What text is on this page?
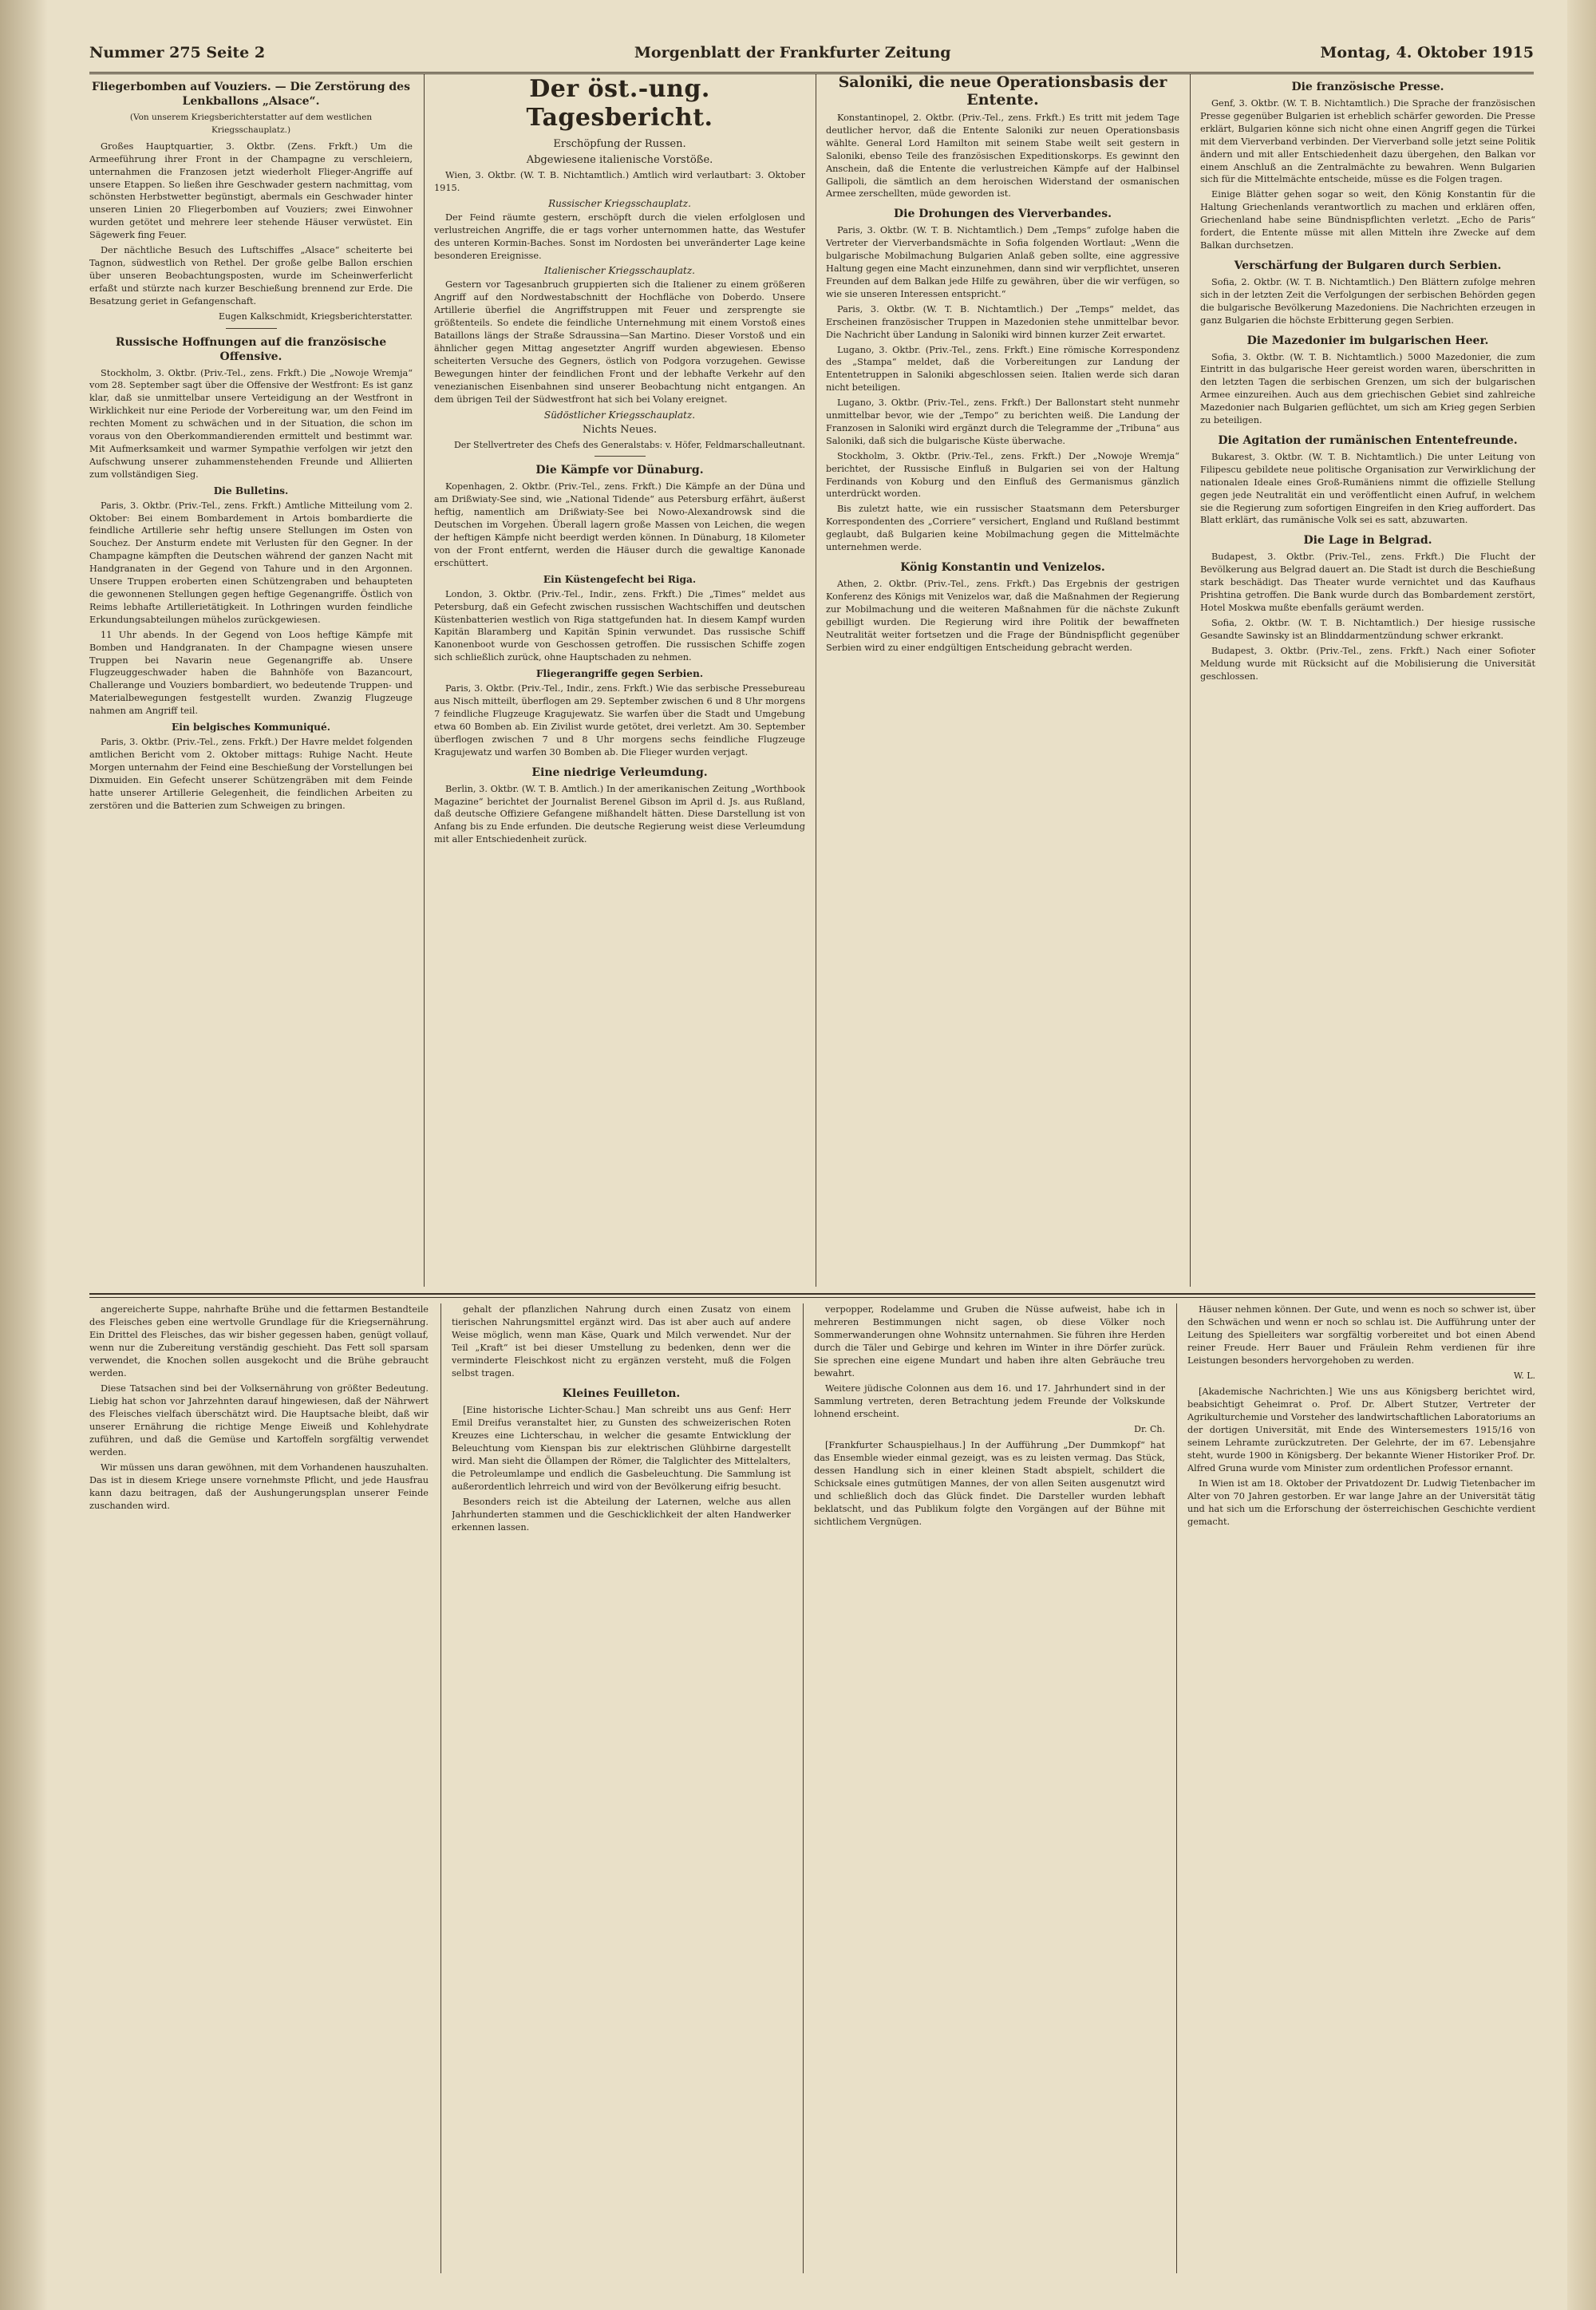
Nummer 275 Seite 2	Morgenblatt der Frankfurter Zeitung	Montag, 4. Oktober 1915
Fliegerbomben auf Vouziers. — Die Zerstörung des Lenkballons „Alsace“.
(Von unserem Kriegsberichterstatter auf dem westlichen Kriegsschauplatz.)

Großes Hauptquartier, 3. Oktbr. (Zens. Frkft.) Um die Armeeführung ihrer Front in der Champagne zu verschleiern, unternahmen die Franzosen jetzt wiederholt Flieger-Angriffe auf unsere Etappen. So ließen ihre Geschwader gestern nachmittag, vom schönsten Herbstwetter begünstigt, abermals ein Geschwader hinter unseren Linien 20 Fliegerbomben auf Vouziers; zwei Einwohner wurden getötet und mehrere leer stehende Häuser verwüstet. Ein Sägewerk fing Feuer.

Der nächtliche Besuch des Luftschiffes „Alsace“ scheiterte bei Tagnon, südwestlich von Rethel. Der große gelbe Ballon erschien über unseren Beobachtungsposten, wurde im Scheinwerferlicht erfaßt und stürzte nach kurzer Beschießung brennend zur Erde. Die Besatzung geriet in Gefangenschaft.

Eugen Kalkschmidt, Kriegsberichterstatter.
Russische Hoffnungen auf die französische Offensive.

Stockholm, 3. Oktbr. (Priv.-Tel., zens. Frkft.) Die „Nowoje Wremja“ vom 28. September sagt über die Offensive der Westfront: Es ist ganz klar, daß sie unmittelbar unsere Verteidigung an der Westfront in Wirklichkeit nur eine Periode der Vorbereitung war, um den Feind im rechten Moment zu schwächen und in der Situation, die schon im voraus von den Oberkommandierenden ermittelt und bestimmt war. Mit Aufmerksamkeit und warmer Sympathie verfolgen wir jetzt den Aufschwung unserer zuhammenstehenden Freunde und Alliierten zum vollständigen Sieg.

Die Bulletins.

Paris, 3. Oktbr. (Priv.-Tel., zens. Frkft.) Amtliche Mitteilung vom 2. Oktober: Bei einem Bombardement in Artois bombardierte die feindliche Artillerie sehr heftig unsere Stellungen im Osten von Souchez. Der Ansturm endete mit Verlusten für den Gegner. In der Champagne kämpften die Deutschen während der ganzen Nacht mit Handgranaten in der Gegend von Tahure und in den Argonnen. Unsere Truppen eroberten einen Schützengraben und behaupteten die gewonnenen Stellungen gegen heftige Gegenangriffe. Östlich von Reims lebhafte Artillerietätigkeit. In Lothringen wurden feindliche Erkundungsabteilungen mühelos zurückgewiesen.

11 Uhr abends. In der Gegend von Loos heftige Kämpfe mit Bomben und Handgranaten. In der Champagne wiesen unsere Truppen bei Navarin neue Gegenangriffe ab. Unsere Flugzeuggeschwader haben die Bahnhöfe von Bazancourt, Challerange und Vouziers bombardiert, wo bedeutende Truppen- und Materialbewegungen festgestellt wurden. Zwanzig Flugzeuge nahmen am Angriff teil.

Ein belgisches Kommuniqué.

Paris, 3. Oktbr. (Priv.-Tel., zens. Frkft.) Der Havre meldet folgenden amtlichen Bericht vom 2. Oktober mittags: Ruhige Nacht. Heute Morgen unternahm der Feind eine Beschießung der Vorstellungen bei Dixmuiden. Ein Gefecht unserer Schützengräben mit dem Feinde hatte unserer Artillerie Gelegenheit, die feindlichen Arbeiten zu zerstören und die Batterien zum Schweigen zu bringen.

Der öst.-ung. Tagesbericht.
Erschöpfung der Russen.
Abgewiesene italienische Vorstöße.

Wien, 3. Oktbr. (W. T. B. Nichtamtlich.) Amtlich wird verlautbart: 3. Oktober 1915.

Russischer Kriegsschauplatz.

Der Feind räumte gestern, erschöpft durch die vielen erfolglosen und verlustreichen Angriffe, die er tags vorher unternommen hatte, das Westufer des unteren Kormin-Baches. Sonst im Nordosten bei unveränderter Lage keine besonderen Ereignisse.

Italienischer Kriegsschauplatz.

Gestern vor Tagesanbruch gruppierten sich die Italiener zu einem größeren Angriff auf den Nordwestabschnitt der Hochfläche von Doberdo. Unsere Artillerie überfiel die Angriffstruppen mit Feuer und zersprengte sie größtenteils. So endete die feindliche Unternehmung mit einem Vorstoß eines Bataillons längs der Straße Sdraussina—San Martino. Dieser Vorstoß und ein ähnlicher gegen Mittag angesetzter Angriff wurden abgewiesen. Ebenso scheiterten Versuche des Gegners, östlich von Podgora vorzugehen. Gewisse Bewegungen hinter der feindlichen Front und der lebhafte Verkehr auf den venezianischen Eisenbahnen sind unserer Beobachtung nicht entgangen. An dem übrigen Teil der Südwestfront hat sich bei Volany ereignet.

Südöstlicher Kriegsschauplatz.
Nichts Neues.
Der Stellvertreter des Chefs des Generalstabs: v. Höfer, Feldmarschalleutnant.
Die Kämpfe vor Dünaburg.

Kopenhagen, 2. Oktbr. (Priv.-Tel., zens. Frkft.) Die Kämpfe an der Düna und am Drißwiaty-See sind, wie „National Tidende“ aus Petersburg erfährt, äußerst heftig, namentlich am Drißwiaty-See bei Nowo-Alexandrowsk sind die Deutschen im Vorgehen. Überall lagern große Massen von Leichen, die wegen der heftigen Kämpfe nicht beerdigt werden können. In Dünaburg, 18 Kilometer von der Front entfernt, werden die Häuser durch die gewaltige Kanonade erschüttert.

Ein Küstengefecht bei Riga.

London, 3. Oktbr. (Priv.-Tel., Indir., zens. Frkft.) Die „Times“ meldet aus Petersburg, daß ein Gefecht zwischen russischen Wachtschiffen und deutschen Küstenbatterien westlich von Riga stattgefunden hat. In diesem Kampf wurden Kapitän Blaramberg und Kapitän Spinin verwundet. Das russische Schiff Kanonenboot wurde von Geschossen getroffen. Die russischen Schiffe zogen sich schließlich zurück, ohne Hauptschaden zu nehmen.

Fliegerangriffe gegen Serbien.

Paris, 3. Oktbr. (Priv.-Tel., Indir., zens. Frkft.) Wie das serbische Pressebureau aus Nisch mitteilt, überflogen am 29. September zwischen 6 und 8 Uhr morgens 7 feindliche Flugzeuge Kragujewatz. Sie warfen über die Stadt und Umgebung etwa 60 Bomben ab. Ein Zivilist wurde getötet, drei verletzt. Am 30. September überflogen zwischen 7 und 8 Uhr morgens sechs feindliche Flugzeuge Kragujewatz und warfen 30 Bomben ab. Die Flieger wurden verjagt.

Eine niedrige Verleumdung.

Berlin, 3. Oktbr. (W. T. B. Amtlich.) In der amerikanischen Zeitung „Worthbook Magazine“ berichtet der Journalist Berenel Gibson im April d. Js. aus Rußland, daß deutsche Offiziere Gefangene mißhandelt hätten. Diese Darstellung ist von Anfang bis zu Ende erfunden. Die deutsche Regierung weist diese Verleumdung mit aller Entschiedenheit zurück.

Saloniki, die neue Operationsbasis der Entente.

Konstantinopel, 2. Oktbr. (Priv.-Tel., zens. Frkft.) Es tritt mit jedem Tage deutlicher hervor, daß die Entente Saloniki zur neuen Operationsbasis wählte. General Lord Hamilton mit seinem Stabe weilt seit gestern in Saloniki, ebenso Teile des französischen Expeditionskorps. Es gewinnt den Anschein, daß die Entente die verlustreichen Kämpfe auf der Halbinsel Gallipoli, die sämtlich an dem heroischen Widerstand der osmanischen Armee zerschellten, müde geworden ist.

Die Drohungen des Vierverbandes.

Paris, 3. Oktbr. (W. T. B. Nichtamtlich.) Dem „Temps“ zufolge haben die Vertreter der Vierverbandsmächte in Sofia folgenden Wortlaut: „Wenn die bulgarische Mobilmachung Bulgarien Anlaß geben sollte, eine aggressive Haltung gegen eine Macht einzunehmen, dann sind wir verpflichtet, unseren Freunden auf dem Balkan jede Hilfe zu gewähren, über die wir verfügen, so wie sie unseren Interessen entspricht.“

Paris, 3. Oktbr. (W. T. B. Nichtamtlich.) Der „Temps“ meldet, das Erscheinen französischer Truppen in Mazedonien stehe unmittelbar bevor. Die Nachricht über Landung in Saloniki wird binnen kurzer Zeit erwartet.

Lugano, 3. Oktbr. (Priv.-Tel., zens. Frkft.) Eine römische Korrespondenz des „Stampa“ meldet, daß die Vorbereitungen zur Landung der Ententetruppen in Saloniki abgeschlossen seien. Italien werde sich daran nicht beteiligen.

Lugano, 3. Oktbr. (Priv.-Tel., zens. Frkft.) Der Ballonstart steht nunmehr unmittelbar bevor, wie der „Tempo“ zu berichten weiß. Die Landung der Franzosen in Saloniki wird ergänzt durch die Telegramme der „Tribuna“ aus Saloniki, daß sich die bulgarische Küste überwache.

Stockholm, 3. Oktbr. (Priv.-Tel., zens. Frkft.) Der „Nowoje Wremja“ berichtet, der Russische Einfluß in Bulgarien sei von der Haltung Ferdinands von Koburg und den Einfluß des Germanismus gänzlich unterdrückt worden.

Bis zuletzt hatte, wie ein russischer Staatsmann dem Petersburger Korrespondenten des „Corriere“ versichert, England und Rußland bestimmt geglaubt, daß Bulgarien keine Mobilmachung gegen die Mittelmächte unternehmen werde.

König Konstantin und Venizelos.

Athen, 2. Oktbr. (Priv.-Tel., zens. Frkft.) Das Ergebnis der gestrigen Konferenz des Königs mit Venizelos war, daß die Maßnahmen der Regierung zur Mobilmachung und die weiteren Maßnahmen für die nächste Zukunft gebilligt wurden. Die Regierung wird ihre Politik der bewaffneten Neutralität weiter fortsetzen und die Frage der Bündnispflicht gegenüber Serbien wird zu einer endgültigen Entscheidung gebracht werden.

Die französische Presse.

Genf, 3. Oktbr. (W. T. B. Nichtamtlich.) Die Sprache der französischen Presse gegenüber Bulgarien ist erheblich schärfer geworden. Die Presse erklärt, Bulgarien könne sich nicht ohne einen Angriff gegen die Türkei mit dem Vierverband verbinden. Der Vierverband solle jetzt seine Politik ändern und mit aller Entschiedenheit dazu übergehen, den Balkan vor einem Anschluß an die Zentralmächte zu bewahren. Wenn Bulgarien sich für die Mittelmächte entscheide, müsse es die Folgen tragen.

Einige Blätter gehen sogar so weit, den König Konstantin für die Haltung Griechenlands verantwortlich zu machen und erklären offen, Griechenland habe seine Bündnispflichten verletzt. „Echo de Paris“ fordert, die Entente müsse mit allen Mitteln ihre Zwecke auf dem Balkan durchsetzen.

Verschärfung der Bulgaren durch Serbien.

Sofia, 2. Oktbr. (W. T. B. Nichtamtlich.) Den Blättern zufolge mehren sich in der letzten Zeit die Verfolgungen der serbischen Behörden gegen die bulgarische Bevölkerung Mazedoniens. Die Nachrichten erzeugen in ganz Bulgarien die höchste Erbitterung gegen Serbien.

Die Mazedonier im bulgarischen Heer.

Sofia, 3. Oktbr. (W. T. B. Nichtamtlich.) 5000 Mazedonier, die zum Eintritt in das bulgarische Heer gereist worden waren, überschritten in den letzten Tagen die serbischen Grenzen, um sich der bulgarischen Armee einzureihen. Auch aus dem griechischen Gebiet sind zahlreiche Mazedonier nach Bulgarien geflüchtet, um sich am Krieg gegen Serbien zu beteiligen.

Die Agitation der rumänischen Ententefreunde.

Bukarest, 3. Oktbr. (W. T. B. Nichtamtlich.) Die unter Leitung von Filipescu gebildete neue politische Organisation zur Verwirklichung der nationalen Ideale eines Groß-Rumäniens nimmt die offizielle Stellung gegen jede Neutralität ein und veröffentlicht einen Aufruf, in welchem sie die Regierung zum sofortigen Eingreifen in den Krieg auffordert. Das Blatt erklärt, das rumänische Volk sei es satt, abzuwarten.

Die Lage in Belgrad.

Budapest, 3. Oktbr. (Priv.-Tel., zens. Frkft.) Die Flucht der Bevölkerung aus Belgrad dauert an. Die Stadt ist durch die Beschießung stark beschädigt. Das Theater wurde vernichtet und das Kaufhaus Prishtina getroffen. Die Bank wurde durch das Bombardement zerstört, Hotel Moskwa mußte ebenfalls geräumt werden.

Sofia, 2. Oktbr. (W. T. B. Nichtamtlich.) Der hiesige russische Gesandte Sawinsky ist an Blinddarmentzündung schwer erkrankt.

Budapest, 3. Oktbr. (Priv.-Tel., zens. Frkft.) Nach einer Sofioter Meldung wurde mit Rücksicht auf die Mobilisierung die Universität geschlossen.

angereicherte Suppe, nahrhafte Brühe und die fettarmen Bestandteile des Fleisches geben eine wertvolle Grundlage für die Kriegsernährung. Ein Drittel des Fleisches, das wir bisher gegessen haben, genügt vollauf, wenn nur die Zubereitung verständig geschieht. Das Fett soll sparsam verwendet, die Knochen sollen ausgekocht und die Brühe gebraucht werden.

Diese Tatsachen sind bei der Volksernährung von größter Bedeutung. Liebig hat schon vor Jahrzehnten darauf hingewiesen, daß der Nährwert des Fleisches vielfach überschätzt wird. Die Hauptsache bleibt, daß wir unserer Ernährung die richtige Menge Eiweiß und Kohlehydrate zuführen, und daß die Gemüse und Kartoffeln sorgfältig verwendet werden.

Wir müssen uns daran gewöhnen, mit dem Vorhandenen hauszuhalten. Das ist in diesem Kriege unsere vornehmste Pflicht, und jede Hausfrau kann dazu beitragen, daß der Aushungerungsplan unserer Feinde zuschanden wird.

gehalt der pflanzlichen Nahrung durch einen Zusatz von einem tierischen Nahrungsmittel ergänzt wird. Das ist aber auch auf andere Weise möglich, wenn man Käse, Quark und Milch verwendet. Nur der Teil „Kraft“ ist bei dieser Umstellung zu bedenken, denn wer die verminderte Fleischkost nicht zu ergänzen versteht, muß die Folgen selbst tragen.

Kleines Feuilleton.

[Eine historische Lichter-Schau.] Man schreibt uns aus Genf: Herr Emil Dreifus veranstaltet hier, zu Gunsten des schweizerischen Roten Kreuzes eine Lichterschau, in welcher die gesamte Entwicklung der Beleuchtung vom Kienspan bis zur elektrischen Glühbirne dargestellt wird. Man sieht die Öllampen der Römer, die Talglichter des Mittelalters, die Petroleumlampe und endlich die Gasbeleuchtung. Die Sammlung ist außerordentlich lehrreich und wird von der Bevölkerung eifrig besucht.

Besonders reich ist die Abteilung der Laternen, welche aus allen Jahrhunderten stammen und die Geschicklichkeit der alten Handwerker erkennen lassen.

verpopper, Rodelamme und Gruben die Nüsse aufweist, habe ich in mehreren Bestimmungen nicht sagen, ob diese Völker noch Sommerwanderungen ohne Wohnsitz unternahmen. Sie führen ihre Herden durch die Täler und Gebirge und kehren im Winter in ihre Dörfer zurück. Sie sprechen eine eigene Mundart und haben ihre alten Gebräuche treu bewahrt.

Weitere jüdische Colonnen aus dem 16. und 17. Jahrhundert sind in der Sammlung vertreten, deren Betrachtung jedem Freunde der Volkskunde lohnend erscheint.

Dr. Ch.

[Frankfurter Schauspielhaus.] In der Aufführung „Der Dummkopf“ hat das Ensemble wieder einmal gezeigt, was es zu leisten vermag. Das Stück, dessen Handlung sich in einer kleinen Stadt abspielt, schildert die Schicksale eines gutmütigen Mannes, der von allen Seiten ausgenutzt wird und schließlich doch das Glück findet. Die Darsteller wurden lebhaft beklatscht, und das Publikum folgte den Vorgängen auf der Bühne mit sichtlichem Vergnügen.

Häuser nehmen können. Der Gute, und wenn es noch so schwer ist, über den Schwächen und wenn er noch so schlau ist. Die Aufführung unter der Leitung des Spielleiters war sorgfältig vorbereitet und bot einen Abend reiner Freude. Herr Bauer und Fräulein Rehm verdienen für ihre Leistungen besonders hervorgehoben zu werden.

W. L.

[Akademische Nachrichten.] Wie uns aus Königsberg berichtet wird, beabsichtigt Geheimrat o. Prof. Dr. Albert Stutzer, Vertreter der Agrikulturchemie und Vorsteher des landwirtschaftlichen Laboratoriums an der dortigen Universität, mit Ende des Wintersemesters 1915/16 von seinem Lehramte zurückzutreten. Der Gelehrte, der im 67. Lebensjahre steht, wurde 1900 in Königsberg. Der bekannte Wiener Historiker Prof. Dr. Alfred Gruna wurde vom Minister zum ordentlichen Professor ernannt.

In Wien ist am 18. Oktober der Privatdozent Dr. Ludwig Tietenbacher im Alter von 70 Jahren gestorben. Er war lange Jahre an der Universität tätig und hat sich um die Erforschung der österreichischen Geschichte verdient gemacht.
